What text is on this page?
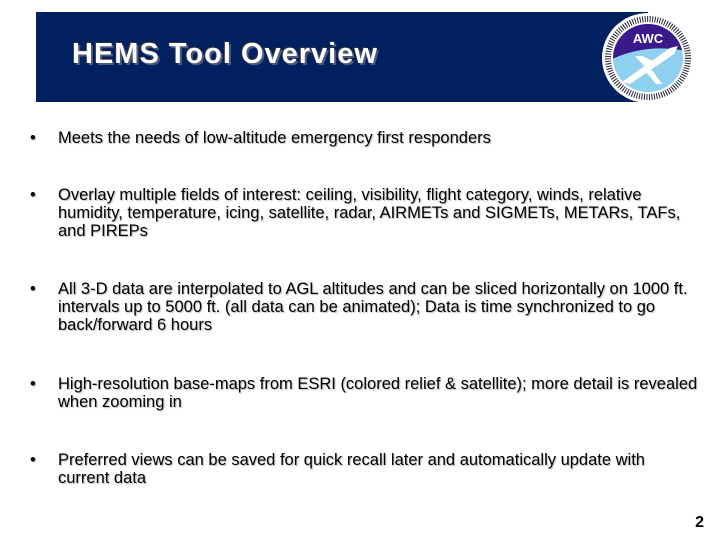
HEMS Tool Overview	AWC
• Meets the needs of low-altitude emergency first responders
• Overlay multiple fields of interest: ceiling, visibility, flight category, winds, relative humidity, temperature, icing, satellite, radar, AIRMETs and SIGMETs, METARs, TAFs, and PIREPs
• All 3-D data are interpolated to AGL altitudes and can be sliced horizontally on 1000 ft. intervals up to 5000 ft. (all data can be animated); Data is time synchronized to go back/forward 6 hours
• High-resolution base-maps from ESRI (colored relief & satellite); more detail is revealed when zooming in
• Preferred views can be saved for quick recall later and automatically update with current data
2
